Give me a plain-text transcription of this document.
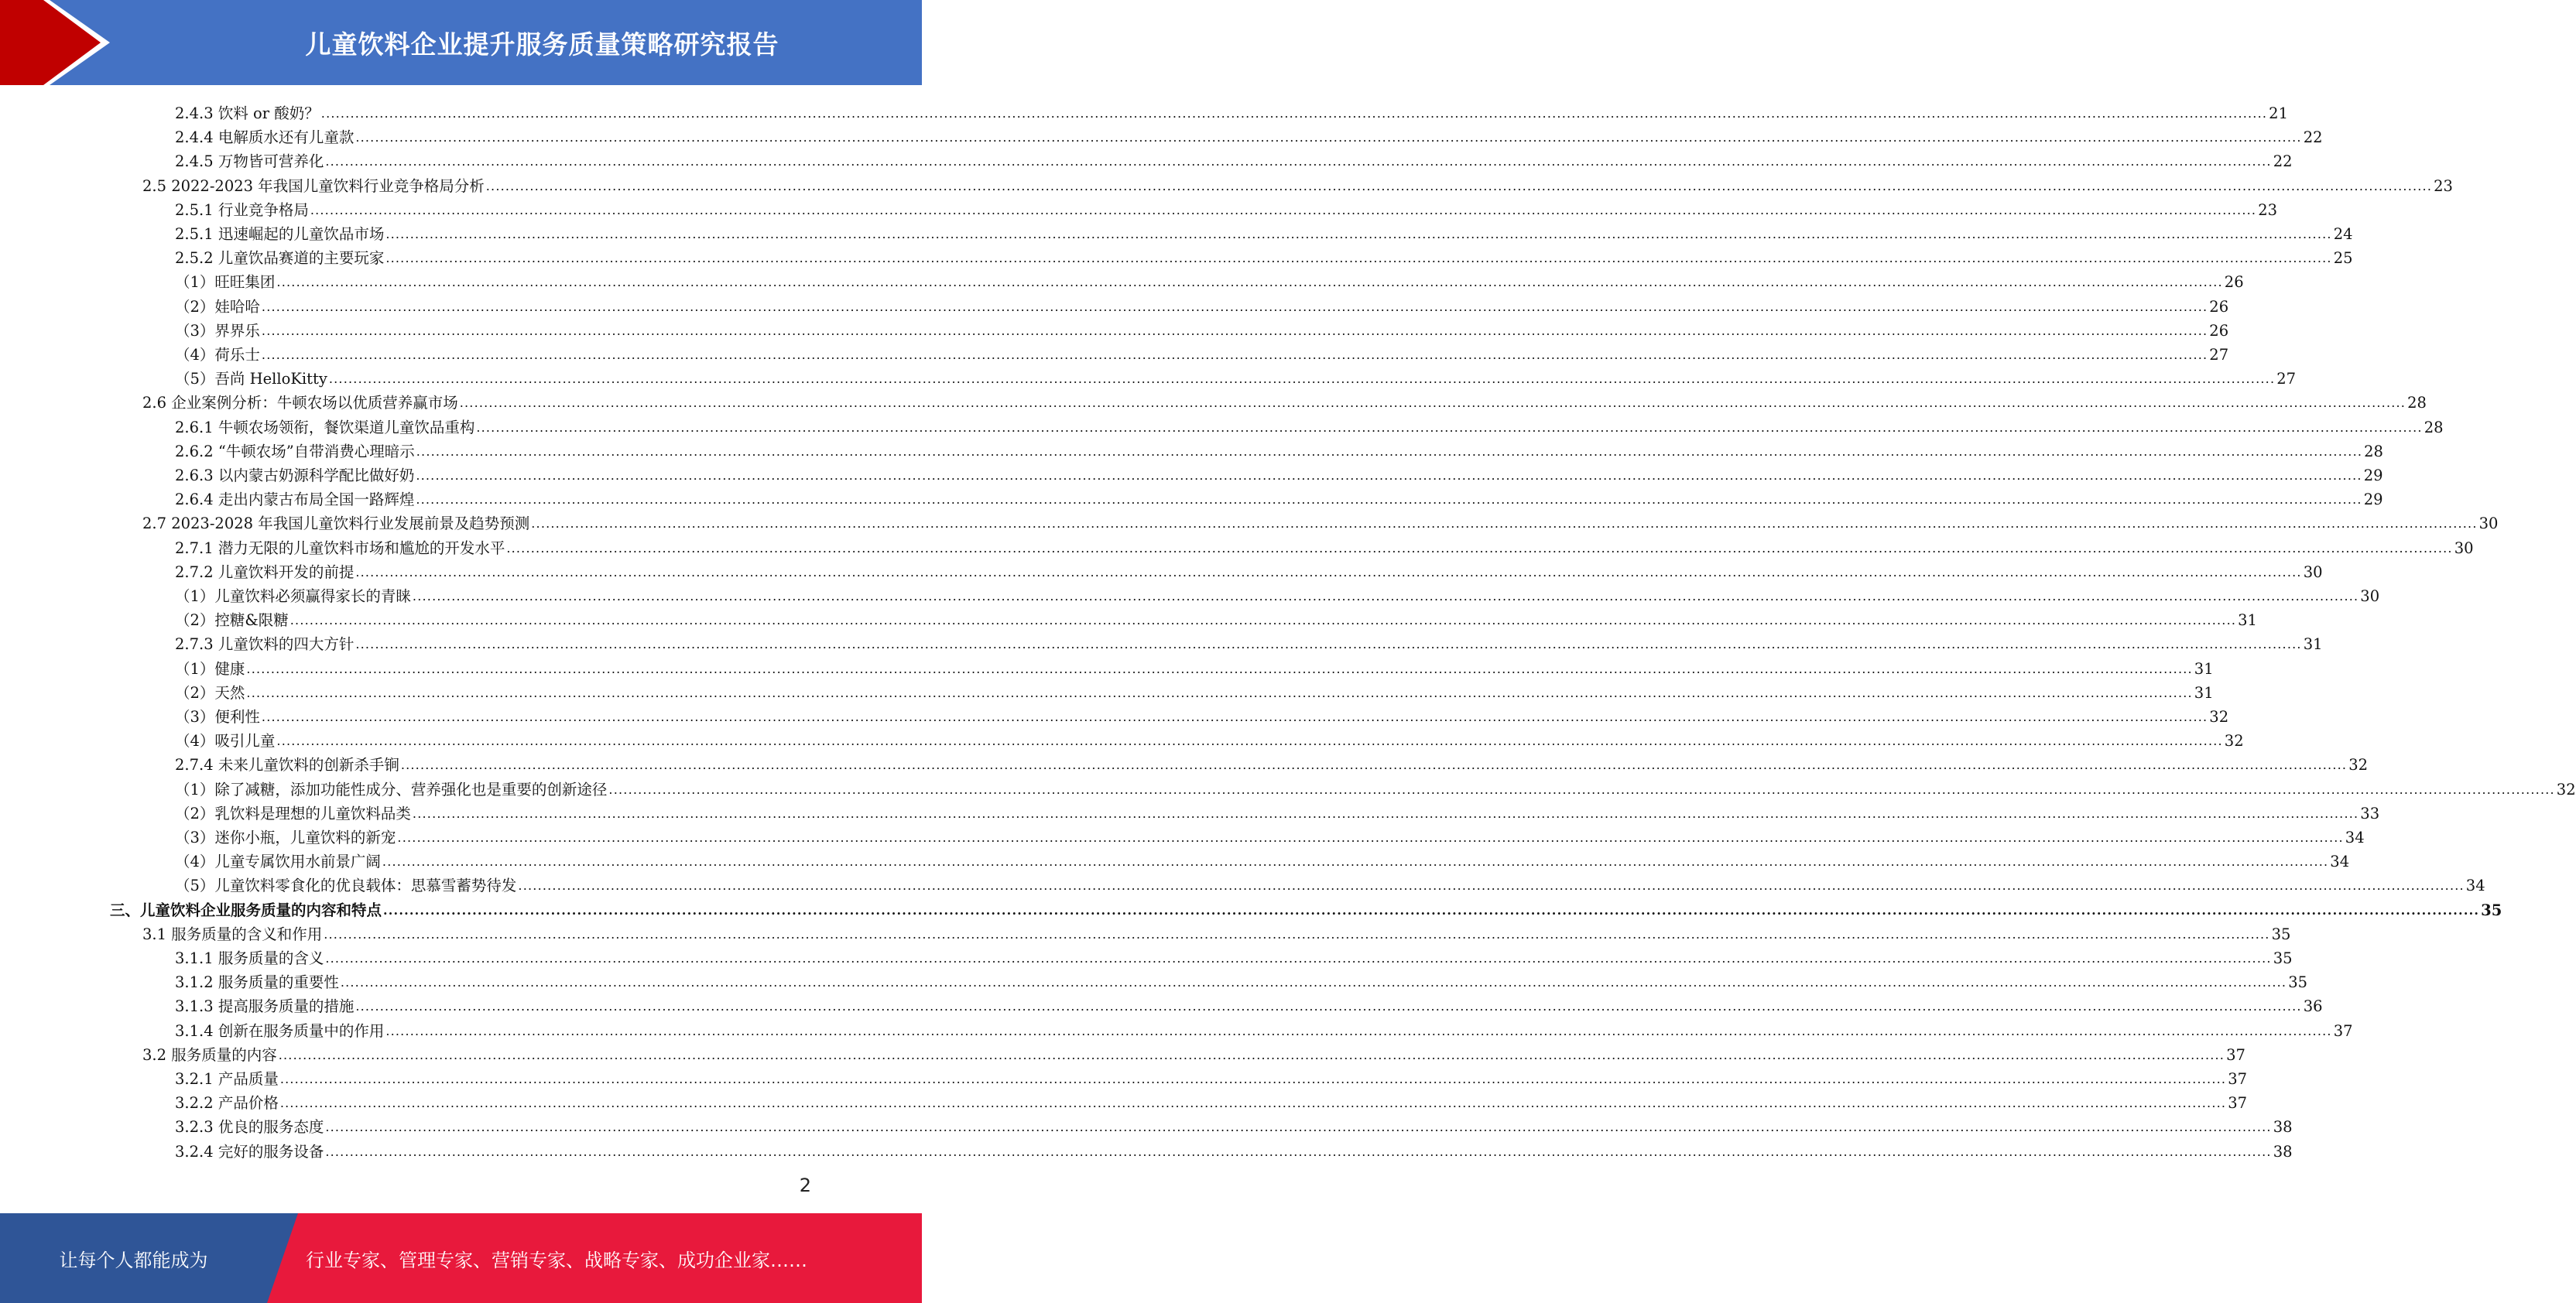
儿童饮料企业提升服务质量策略研究报告
2.4.3 饮料 or 酸奶？ ................................................................................................................................................................................................................................................................................................................................................................................................................ 21
2.4.4 电解质水还有儿童款 ................................................................................................................................................................................................................................................................................................................................................................................................................ 22
2.4.5 万物皆可营养化 ................................................................................................................................................................................................................................................................................................................................................................................................................ 22
2.5 2022-2023 年我国儿童饮料行业竞争格局分析 ................................................................................................................................................................................................................................................................................................................................................................................................................ 23
2.5.1 行业竞争格局 ................................................................................................................................................................................................................................................................................................................................................................................................................ 23
2.5.1 迅速崛起的儿童饮品市场 ................................................................................................................................................................................................................................................................................................................................................................................................................ 24
2.5.2 儿童饮品赛道的主要玩家 ................................................................................................................................................................................................................................................................................................................................................................................................................ 25
（1）旺旺集团 ................................................................................................................................................................................................................................................................................................................................................................................................................ 26
（2）娃哈哈 ................................................................................................................................................................................................................................................................................................................................................................................................................ 26
（3）界界乐 ................................................................................................................................................................................................................................................................................................................................................................................................................ 26
（4）荷乐士 ................................................................................................................................................................................................................................................................................................................................................................................................................ 27
（5）吾尚 HelloKitty ................................................................................................................................................................................................................................................................................................................................................................................................................ 27
2.6 企业案例分析：牛顿农场以优质营养赢市场 ................................................................................................................................................................................................................................................................................................................................................................................................................ 28
2.6.1 牛顿农场领衔，餐饮渠道儿童饮品重构 ................................................................................................................................................................................................................................................................................................................................................................................................................ 28
2.6.2 “牛顿农场”自带消费心理暗示 ................................................................................................................................................................................................................................................................................................................................................................................................................ 28
2.6.3 以内蒙古奶源科学配比做好奶 ................................................................................................................................................................................................................................................................................................................................................................................................................ 29
2.6.4 走出内蒙古布局全国一路辉煌 ................................................................................................................................................................................................................................................................................................................................................................................................................ 29
2.7 2023-2028 年我国儿童饮料行业发展前景及趋势预测 ................................................................................................................................................................................................................................................................................................................................................................................................................ 30
2.7.1 潜力无限的儿童饮料市场和尴尬的开发水平 ................................................................................................................................................................................................................................................................................................................................................................................................................ 30
2.7.2 儿童饮料开发的前提 ................................................................................................................................................................................................................................................................................................................................................................................................................ 30
（1）儿童饮料必须赢得家长的青睐 ................................................................................................................................................................................................................................................................................................................................................................................................................ 30
（2）控糖&限糖 ................................................................................................................................................................................................................................................................................................................................................................................................................ 31
2.7.3 儿童饮料的四大方针 ................................................................................................................................................................................................................................................................................................................................................................................................................ 31
（1）健康 ................................................................................................................................................................................................................................................................................................................................................................................................................ 31
（2）天然 ................................................................................................................................................................................................................................................................................................................................................................................................................ 31
（3）便利性 ................................................................................................................................................................................................................................................................................................................................................................................................................ 32
（4）吸引儿童 ................................................................................................................................................................................................................................................................................................................................................................................................................ 32
2.7.4 未来儿童饮料的创新杀手锏 ................................................................................................................................................................................................................................................................................................................................................................................................................ 32
（1）除了减糖，添加功能性成分、营养强化也是重要的创新途径 ................................................................................................................................................................................................................................................................................................................................................................................................................ 32
（2）乳饮料是理想的儿童饮料品类 ................................................................................................................................................................................................................................................................................................................................................................................................................ 33
（3）迷你小瓶，儿童饮料的新宠 ................................................................................................................................................................................................................................................................................................................................................................................................................ 34
（4）儿童专属饮用水前景广阔 ................................................................................................................................................................................................................................................................................................................................................................................................................ 34
（5）儿童饮料零食化的优良载体：思慕雪蓄势待发 ................................................................................................................................................................................................................................................................................................................................................................................................................ 34
三、儿童饮料企业服务质量的内容和特点 ................................................................................................................................................................................................................................................................................................................................................................................................................ 35
3.1 服务质量的含义和作用 ................................................................................................................................................................................................................................................................................................................................................................................................................ 35
3.1.1 服务质量的含义 ................................................................................................................................................................................................................................................................................................................................................................................................................ 35
3.1.2 服务质量的重要性 ................................................................................................................................................................................................................................................................................................................................................................................................................ 35
3.1.3 提高服务质量的措施 ................................................................................................................................................................................................................................................................................................................................................................................................................ 36
3.1.4 创新在服务质量中的作用 ................................................................................................................................................................................................................................................................................................................................................................................................................ 37
3.2 服务质量的内容 ................................................................................................................................................................................................................................................................................................................................................................................................................ 37
3.2.1 产品质量 ................................................................................................................................................................................................................................................................................................................................................................................................................ 37
3.2.2 产品价格 ................................................................................................................................................................................................................................................................................................................................................................................................................ 37
3.2.3 优良的服务态度 ................................................................................................................................................................................................................................................................................................................................................................................................................ 38
3.2.4 完好的服务设备 ................................................................................................................................................................................................................................................................................................................................................................................................................ 38
2
让每个人都能成为	行业专家、管理专家、营销专家、战略专家、成功企业家……
